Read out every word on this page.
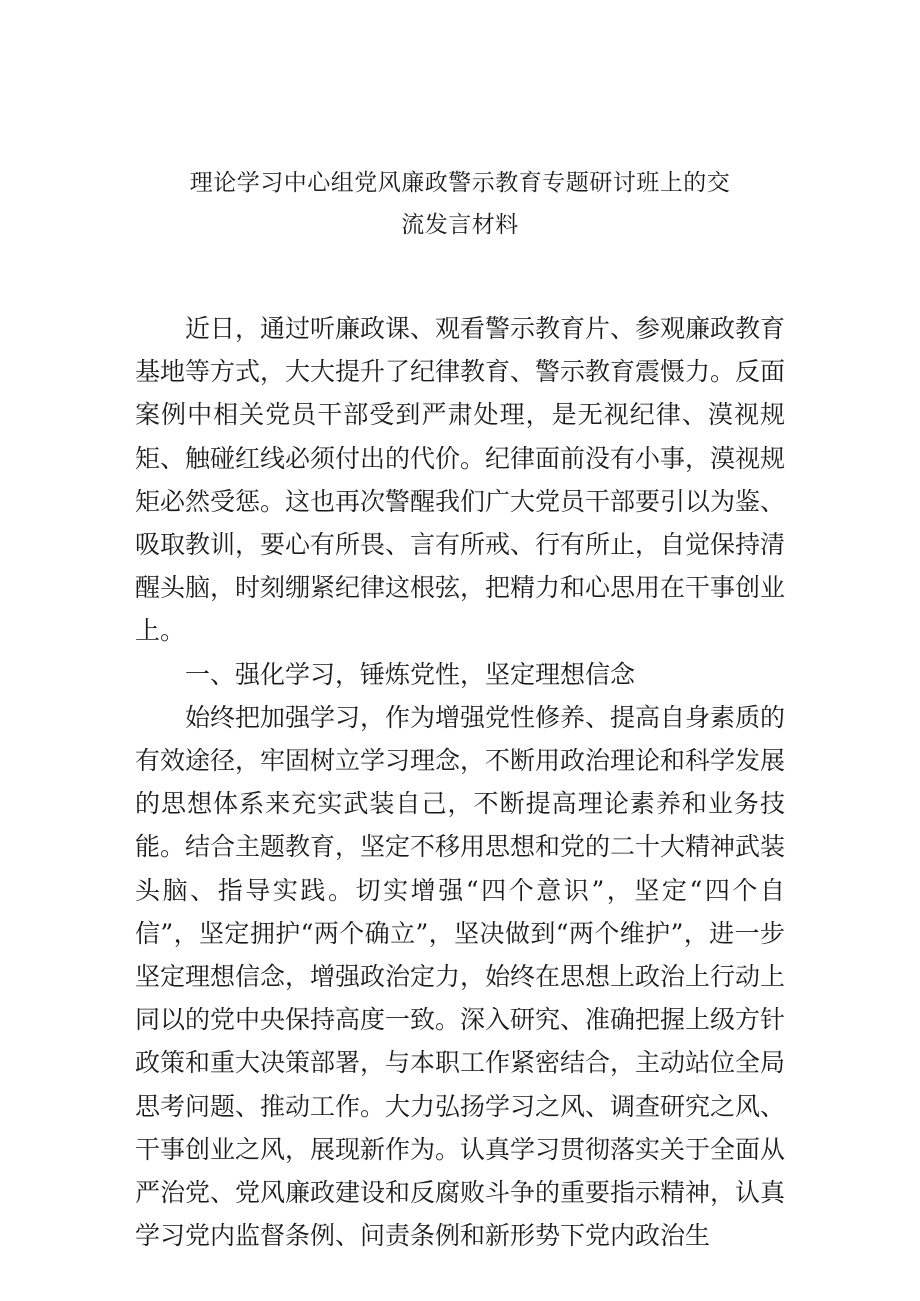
理论学习中心组党风廉政警示教育专题研讨班上的交
流发言材料

近日，通过听廉政课、观看警示教育片、参观廉政教育基地等方式，大大提升了纪律教育、警示教育震慑力。反面案例中相关党员干部受到严肃处理，是无视纪律、漠视规矩、触碰红线必须付出的代价。纪律面前没有小事，漠视规矩必然受惩。这也再次警醒我们广大党员干部要引以为鉴、吸取教训，要心有所畏、言有所戒、行有所止，自觉保持清醒头脑，时刻绷紧纪律这根弦，把精力和心思用在干事创业上。

一、强化学习，锤炼党性，坚定理想信念

始终把加强学习，作为增强党性修养、提高自身素质的有效途径，牢固树立学习理念，不断用政治理论和科学发展的思想体系来充实武装自己，不断提高理论素养和业务技能。结合主题教育，坚定不移用思想和党的二十大精神武装头脑、指导实践。切实增强“四个意识”，坚定“四个自信”，坚定拥护“两个确立”，坚决做到“两个维护”，进一步坚定理想信念，增强政治定力，始终在思想上政治上行动上同以的党中央保持高度一致。深入研究、准确把握上级方针政策和重大决策部署，与本职工作紧密结合，主动站位全局思考问题、推动工作。大力弘扬学习之风、调查研究之风、干事创业之风，展现新作为。认真学习贯彻落实关于全面从严治党、党风廉政建设和反腐败斗争的重要指示精神，认真学习党内监督条例、问责条例和新形势下党内政治生
